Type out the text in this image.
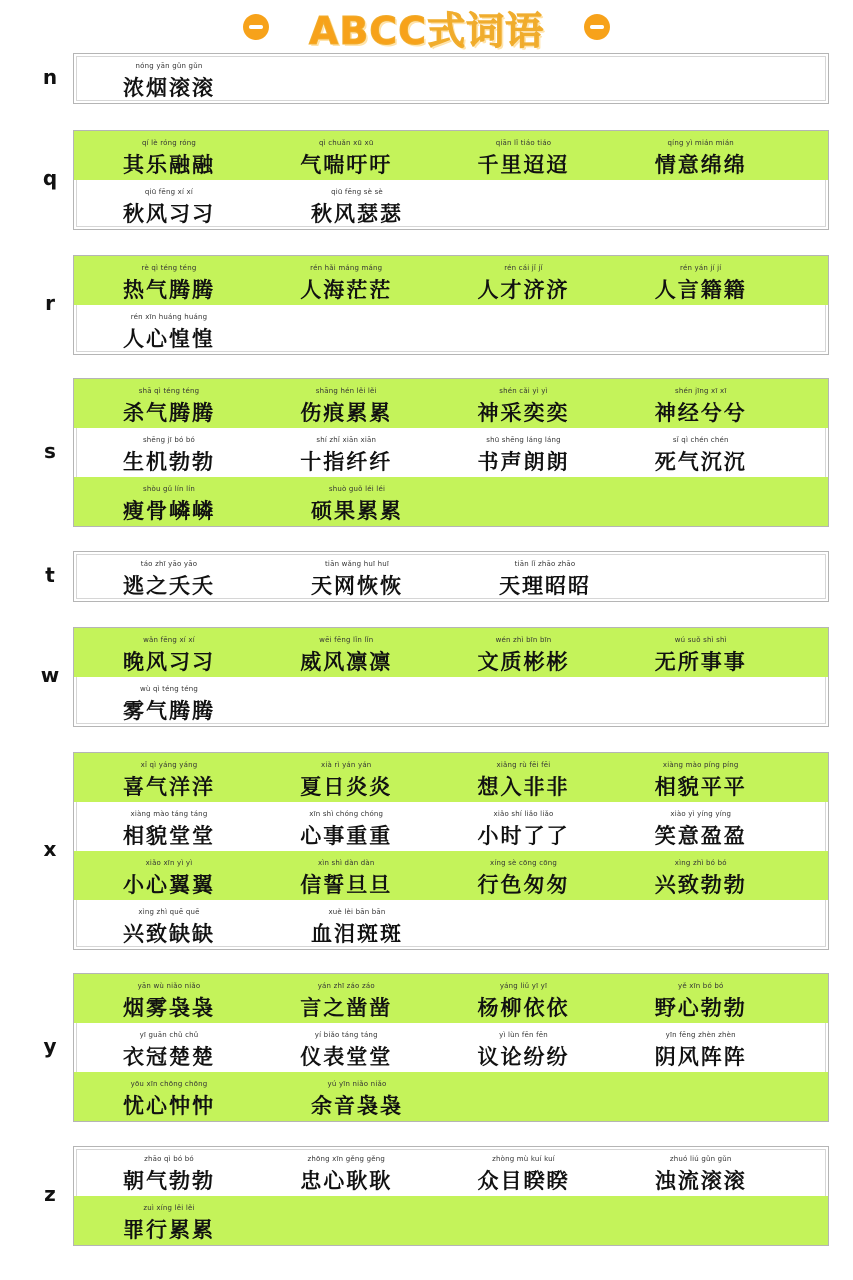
ABCC式词语
n	nóng yān gǔn gǔn
浓烟滚滚
q
qí lè róng róng
其乐融融
qì chuǎn xū xū
气喘吁吁
qiān lǐ tiáo tiáo
千里迢迢
qíng yì mián mián
情意绵绵
qiū fēng xí xí
秋风习习
qiū fēng sè sè
秋风瑟瑟
r
rè qì téng téng
热气腾腾
rén hǎi máng máng
人海茫茫
rén cái jǐ jǐ
人才济济
rén yán jí jí
人言籍籍
rén xīn huáng huáng
人心惶惶
s
shā qì téng téng
杀气腾腾
shāng hén lěi lěi
伤痕累累
shén cǎi yì yì
神采奕奕
shén jīng xī xī
神经兮兮
shēng jī bó bó
生机勃勃
shí zhǐ xiān xiān
十指纤纤
shū shēng láng láng
书声朗朗
sǐ qì chén chén
死气沉沉
shòu gǔ lín lín
瘦骨嶙嶙
shuò guǒ léi léi
硕果累累
t	táo zhī yāo yāo
逃之夭夭
tiān wǎng huī huī
天网恢恢
tiān lǐ zhāo zhāo
天理昭昭
w
wǎn fēng xí xí
晚风习习
wēi fēng lǐn lǐn
威风凛凛
wén zhì bīn bīn
文质彬彬
wú suǒ shì shì
无所事事
wù qì téng téng
雾气腾腾
x
xǐ qì yáng yáng
喜气洋洋
xià rì yán yán
夏日炎炎
xiǎng rù fēi fēi
想入非非
xiàng mào píng píng
相貌平平
xiàng mào táng táng
相貌堂堂
xīn shì chóng chóng
心事重重
xiǎo shí liǎo liǎo
小时了了
xiào yì yíng yíng
笑意盈盈
xiǎo xīn yì yì
小心翼翼
xìn shì dàn dàn
信誓旦旦
xíng sè cōng cōng
行色匆匆
xìng zhì bó bó
兴致勃勃
xìng zhì quē quē
兴致缺缺
xuè lèi bān bān
血泪斑斑
y
yān wù niǎo niǎo
烟雾袅袅
yán zhī záo záo
言之凿凿
yáng liǔ yī yī
杨柳依依
yě xīn bó bó
野心勃勃
yī guān chǔ chǔ
衣冠楚楚
yí biǎo táng táng
仪表堂堂
yì lùn fēn fēn
议论纷纷
yīn fēng zhèn zhèn
阴风阵阵
yōu xīn chōng chōng
忧心忡忡
yú yīn niǎo niǎo
余音袅袅
z
zhāo qì bó bó
朝气勃勃
zhōng xīn gěng gěng
忠心耿耿
zhòng mù kuí kuí
众目睽睽
zhuó liú gǔn gǔn
浊流滚滚
zuì xíng lěi lěi
罪行累累
